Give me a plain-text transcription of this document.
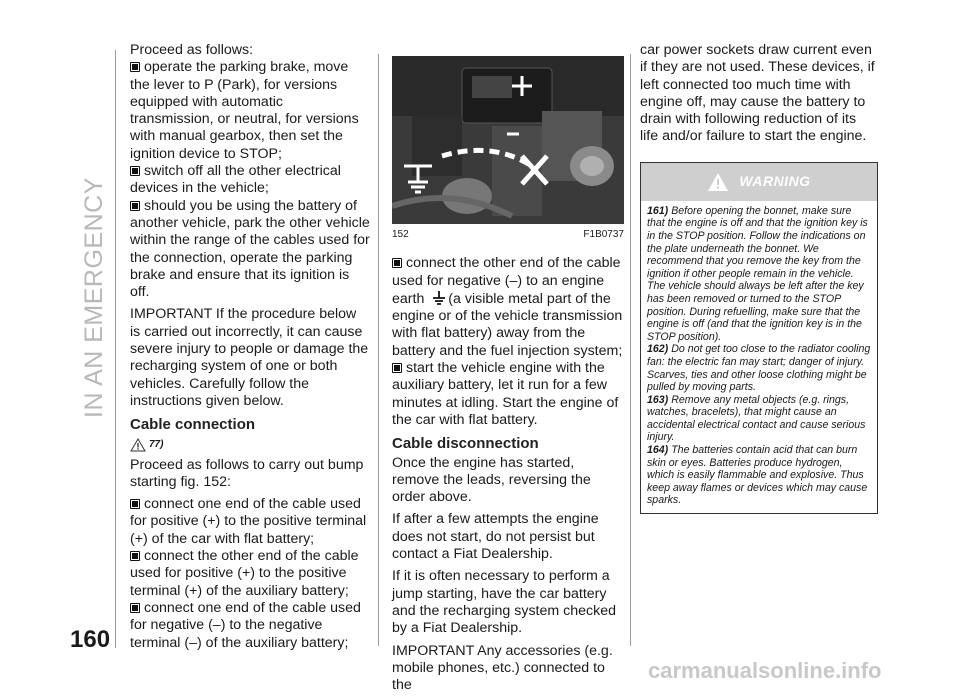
IN AN EMERGENCY
160

Proceed as follows:

operate the parking brake, move the lever to P (Park), for versions equipped with automatic transmission, or neutral, for versions with manual gearbox, then set the ignition device to STOP;
switch off all the other electrical devices in the vehicle;
should you be using the battery of another vehicle, park the other vehicle within the range of the cables used for the connection, operate the parking brake and ensure that its ignition is off.

IMPORTANT If the procedure below is carried out incorrectly, it can cause severe injury to people or damage the recharging system of one or both vehicles. Carefully follow the instructions given below.

Cable connection
77)

Proceed as follows to carry out bump starting fig. 152:

connect one end of the cable used for positive (+) to the positive terminal (+) of the car with flat battery;
connect the other end of the cable used for positive (+) to the positive terminal (+) of the auxiliary battery;
connect one end of the cable used for negative (–) to the negative terminal (–) of the auxiliary battery;
152	F1B0737
connect the other end of the cable used for negative (–) to an engine earth (a visible metal part of the engine or of the vehicle transmission with flat battery) away from the battery and the fuel injection system;
start the vehicle engine with the auxiliary battery, let it run for a few minutes at idling. Start the engine of the car with flat battery.
Cable disconnection

Once the engine has started, remove the leads, reversing the order above.

If after a few attempts the engine does not start, do not persist but contact a Fiat Dealership.

If it is often necessary to perform a jump starting, have the car battery and the recharging system checked by a Fiat Dealership.

IMPORTANT Any accessories (e.g. mobile phones, etc.) connected to the

car power sockets draw current even if they are not used. These devices, if left connected too much time with engine off, may cause the battery to drain with following reduction of its life and/or failure to start the engine.

WARNING

161) Before opening the bonnet, make sure that the engine is off and that the ignition key is in the STOP position. Follow the indications on the plate underneath the bonnet. We recommend that you remove the key from the ignition if other people remain in the vehicle. The vehicle should always be left after the key has been removed or turned to the STOP position. During refuelling, make sure that the engine is off (and that the ignition key is in the STOP position).

162) Do not get too close to the radiator cooling fan: the electric fan may start; danger of injury. Scarves, ties and other loose clothing might be pulled by moving parts.

163) Remove any metal objects (e.g. rings, watches, bracelets), that might cause an accidental electrical contact and cause serious injury.

164) The batteries contain acid that can burn skin or eyes. Batteries produce hydrogen, which is easily flammable and explosive. Thus keep away flames or devices which may cause sparks.

carmanualsonline.info
